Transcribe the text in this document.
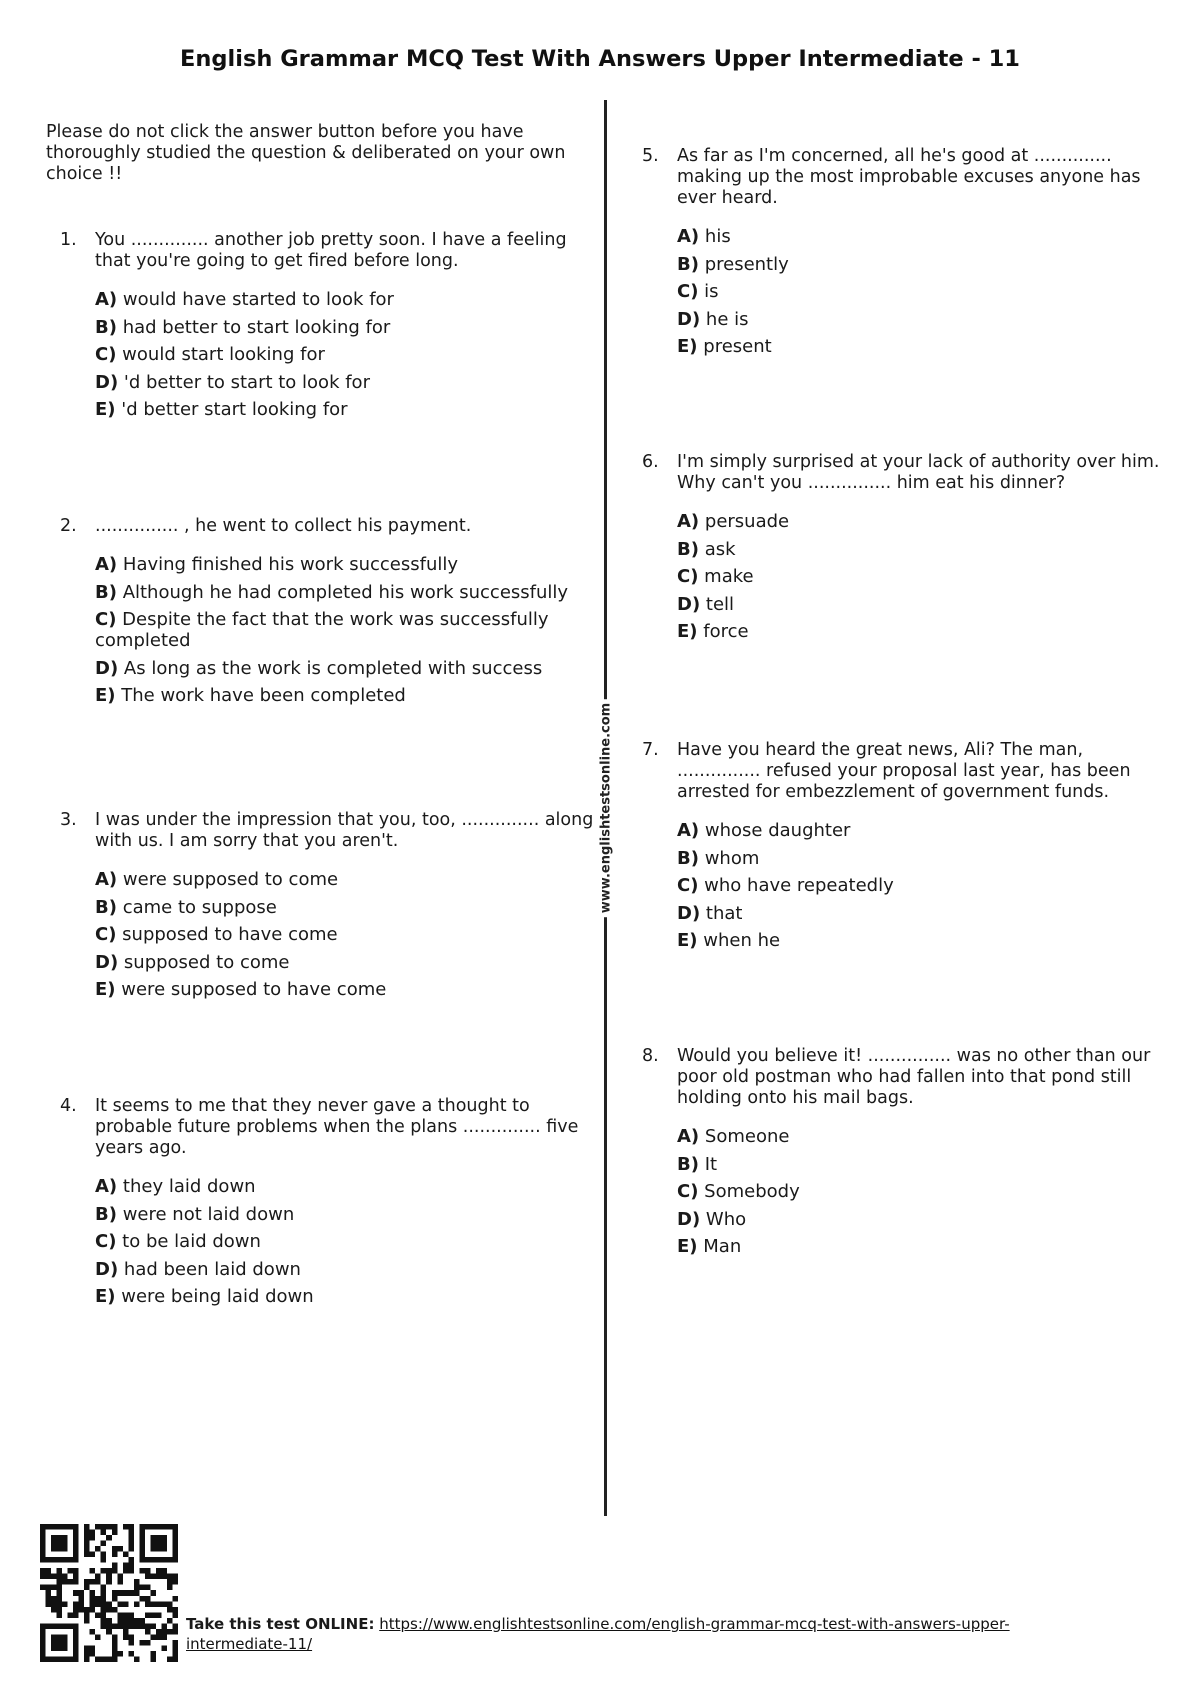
English Grammar MCQ Test With Answers Upper Intermediate - 11
Please do not click the answer button before you have thoroughly studied the question & deliberated on your own choice !!
1. You .............. another job pretty soon. I have a feeling that you're going to get fired before long.
A) would have started to look for
B) had better to start looking for
C) would start looking for
D) 'd better to start to look for
E) 'd better start looking for
2. ............... , he went to collect his payment.
A) Having finished his work successfully
B) Although he had completed his work successfully
C) Despite the fact that the work was successfully completed
D) As long as the work is completed with success
E) The work have been completed
3. I was under the impression that you, too, .............. along with us. I am sorry that you aren't.
A) were supposed to come
B) came to suppose
C) supposed to have come
D) supposed to come
E) were supposed to have come
4. It seems to me that they never gave a thought to probable future problems when the plans .............. five years ago.
A) they laid down
B) were not laid down
C) to be laid down
D) had been laid down
E) were being laid down
www.englishtestsonline.com
5. As far as I'm concerned, all he's good at .............. making up the most improbable excuses anyone has ever heard.
A) his
B) presently
C) is
D) he is
E) present
6. I'm simply surprised at your lack of authority over him. Why can't you ............... him eat his dinner?
A) persuade
B) ask
C) make
D) tell
E) force
7. Have you heard the great news, Ali? The man, ............... refused your proposal last year, has been arrested for embezzlement of government funds.
A) whose daughter
B) whom
C) who have repeatedly
D) that
E) when he
8. Would you believe it! ............... was no other than our poor old postman who had fallen into that pond still holding onto his mail bags.
A) Someone
B) It
C) Somebody
D) Who
E) Man
Take this test ONLINE: https://www.englishtestsonline.com/english-grammar-mcq-test-with-answers-upper-intermediate-11/
